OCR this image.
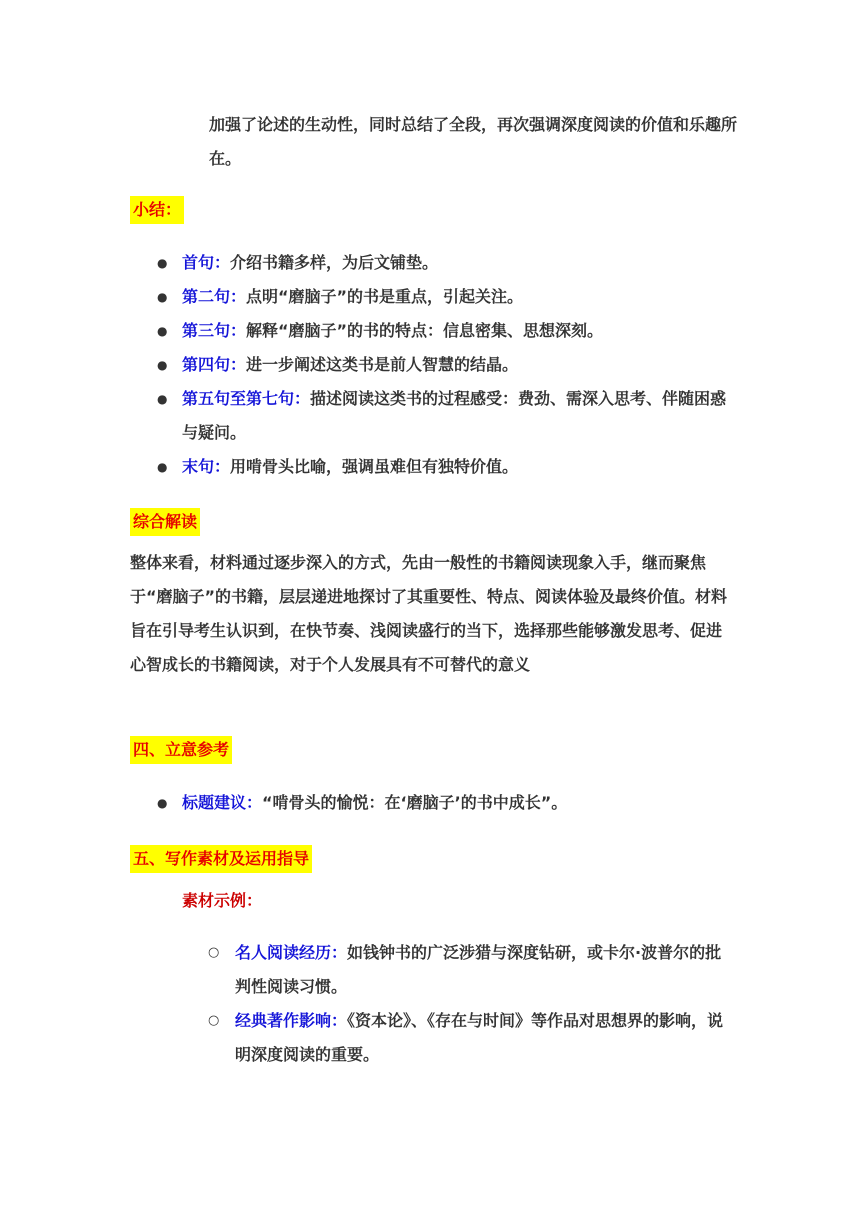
加强了论述的生动性，同时总结了全段，再次强调深度阅读的价值和乐趣所在。
小结：
● 首句：介绍书籍多样，为后文铺垫。
● 第二句：点明“磨脑子”的书是重点，引起关注。
● 第三句：解释“磨脑子”的书的特点：信息密集、思想深刻。
● 第四句：进一步阐述这类书是前人智慧的结晶。
● 第五句至第七句：描述阅读这类书的过程感受：费劲、需深入思考、伴随困惑与疑问。
● 末句：用啃骨头比喻，强调虽难但有独特价值。
综合解读
整体来看，材料通过逐步深入的方式，先由一般性的书籍阅读现象入手，继而聚焦于“磨脑子”的书籍，层层递进地探讨了其重要性、特点、阅读体验及最终价值。材料旨在引导考生认识到，在快节奏、浅阅读盛行的当下，选择那些能够激发思考、促进心智成长的书籍阅读，对于个人发展具有不可替代的意义
四、立意参考
● 标题建议：“啃骨头的愉悦：在‘磨脑子’的书中成长”。
五、写作素材及运用指导
素材示例：
○ 名人阅读经历：如钱钟书的广泛涉猎与深度钻研，或卡尔·波普尔的批判性阅读习惯。
○ 经典著作影响：《资本论》、《存在与时间》等作品对思想界的影响，说明深度阅读的重要。
